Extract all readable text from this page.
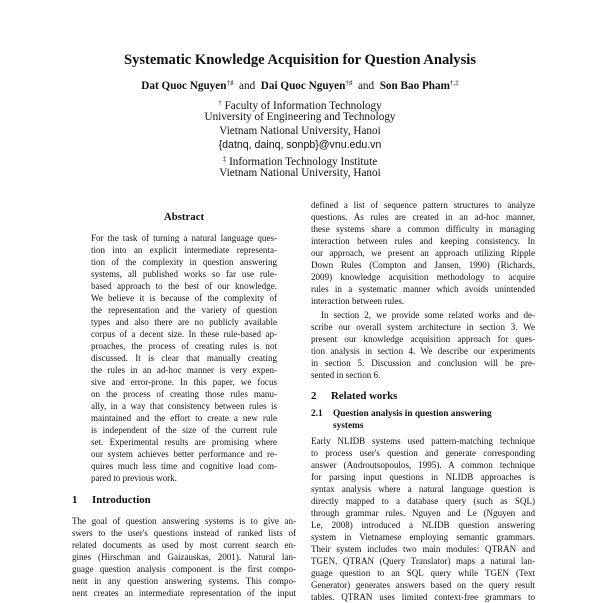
Systematic Knowledge Acquisition for Question Analysis
Dat Quoc Nguyen†♯ and Dai Quoc Nguyen†♯ and Son Bao Pham†,‡
† Faculty of Information Technology
University of Engineering and Technology
Vietnam National University, Hanoi
{datnq, dainq, sonpb}@vnu.edu.vn
‡ Information Technology Institute
Vietnam National University, Hanoi
Abstract
For the task of turning a natural language ques-
tion into an explicit intermediate representa-
tion of the complexity in question answering
systems, all published works so far use rule-
based approach to the best of our knowledge.
We believe it is because of the complexity of
the representation and the variety of question
types and also there are no publicly available
corpus of a decent size. In these rule-based ap-
proaches, the process of creating rules is not
discussed. It is clear that manually creating
the rules in an ad-hoc manner is very expen-
sive and error-prone. In this paper, we focus
on the process of creating those rules manu-
ally, in a way that consistency between rules is
maintained and the effort to create a new rule
is independent of the size of the current rule
set. Experimental results are promising where
our system achieves better performance and re-
quires much less time and cognitive load com-
pared to previous work.
1 Introduction
The goal of question answering systems is to give an-
swers to the user's questions instead of ranked lists of
related documents as used by most current search en-
gines (Hirschman and Gaizauskas, 2001). Natural lan-
guage question analysis component is the first compo-
nent in any question answering systems. This compo-
nent creates an intermediate representation of the input
defined a list of sequence pattern structures to analyze
questions. As rules are created in an ad-hoc manner,
these systems share a common difficulty in managing
interaction between rules and keeping consistency. In
our approach, we present an approach utilizing Ripple
Down Rules (Compton and Jansen, 1990) (Richards,
2009) knowledge acquisition methodology to acquire
rules in a systematic manner which avoids unintended
interaction between rules.
In section 2, we provide some related works and de-
scribe our overall system architecture in section 3. We
present our knowledge acquisition approach for ques-
tion analysis in section 4. We describe our experiments
in section 5. Discussion and conclusion will be pre-
sented in section 6.
2 Related works
2.1 Question analysis in question answering
systems
Early NLIDB systems used pattern-matching technique
to process user's question and generate corresponding
answer (Androutsopoulos, 1995). A common technique
for parsing input questions in NLIDB approaches is
syntax analysis where a natural language question is
directly mapped to a database query (such as SQL)
through grammar rules. Nguyen and Le (Nguyen and
Le, 2008) introduced a NLIDB question answering
system in Vietnamese employing semantic grammars.
Their system includes two main modules: QTRAN and
TGEN. QTRAN (Query Translator) maps a natural lan-
guage question to an SQL query while TGEN (Text
Generator) generates answers based on the query result
tables. QTRAN uses limited context-free grammars to
